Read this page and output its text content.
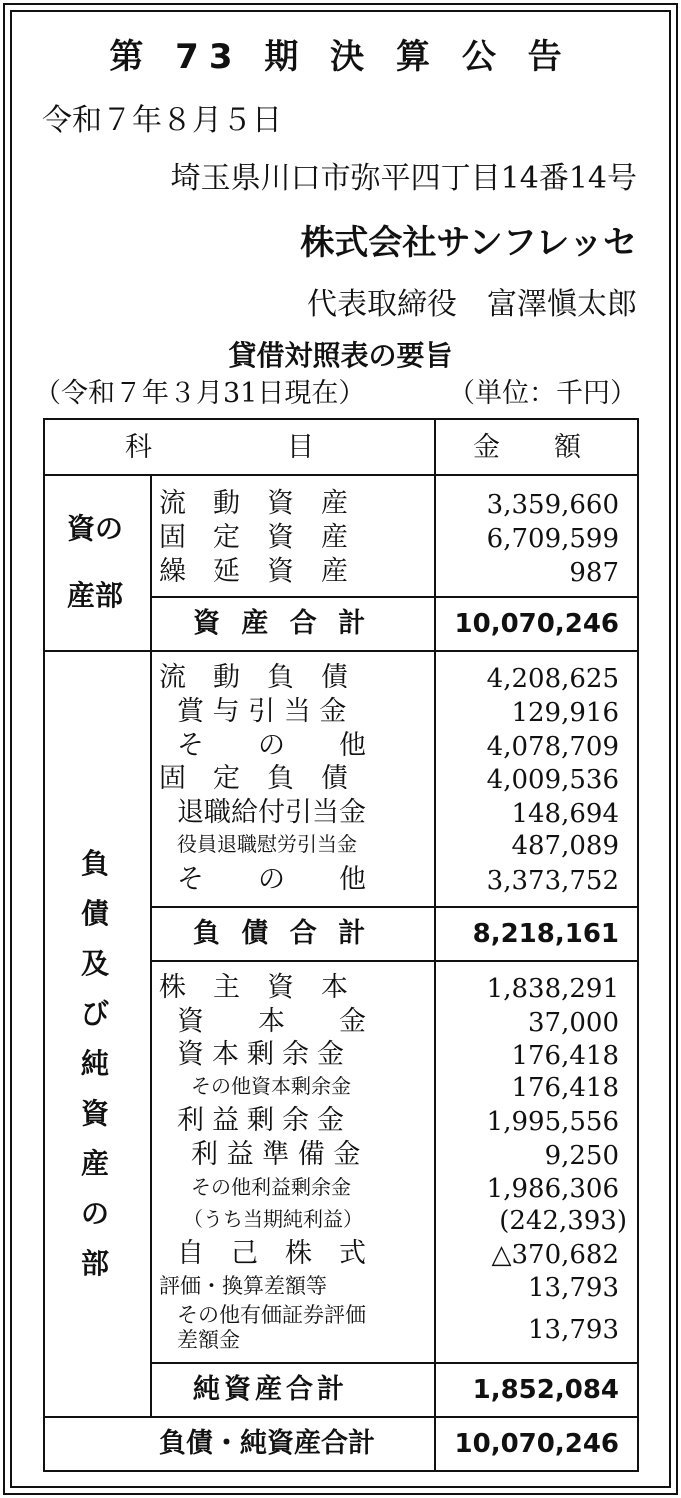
第 73 期 決 算 公 告
令和７年８月５日
埼玉県川口市弥平四丁目14番14号
株式会社サンフレッセ
代表取締役　富澤愼太郎
貸借対照表の要旨
（令和７年３月31日現在）	（単位：千円）
科　　　　　目	金　　額
資の
産部
流　動　資　産	3,359,660
固　定　資　産	6,709,599
繰　延　資　産	987
資 産 合 計	10,070,246
負
債
及
び
純
資
産
の
部
流　動　負　債	4,208,625
賞 与 引 当 金	129,916
そ　　の　　他	4,078,709
固　定　負　債	4,009,536
退職給付引当金	148,694
役員退職慰労引当金	487,089
そ　　の　　他	3,373,752
負 債 合 計	8,218,161
株　主　資　本	1,838,291
資　　本　　金	37,000
資本剰余金	176,418
その他資本剰余金	176,418
利益剰余金	1,995,556
利 益 準 備 金	9,250
その他利益剰余金	1,986,306
（うち当期純利益）	(242,393)
自　己　株　式	△370,682
評価・換算差額等	13,793
その他有価証券評価
差額金	13,793
純資産合計	1,852,084
負債・純資産合計	10,070,246
